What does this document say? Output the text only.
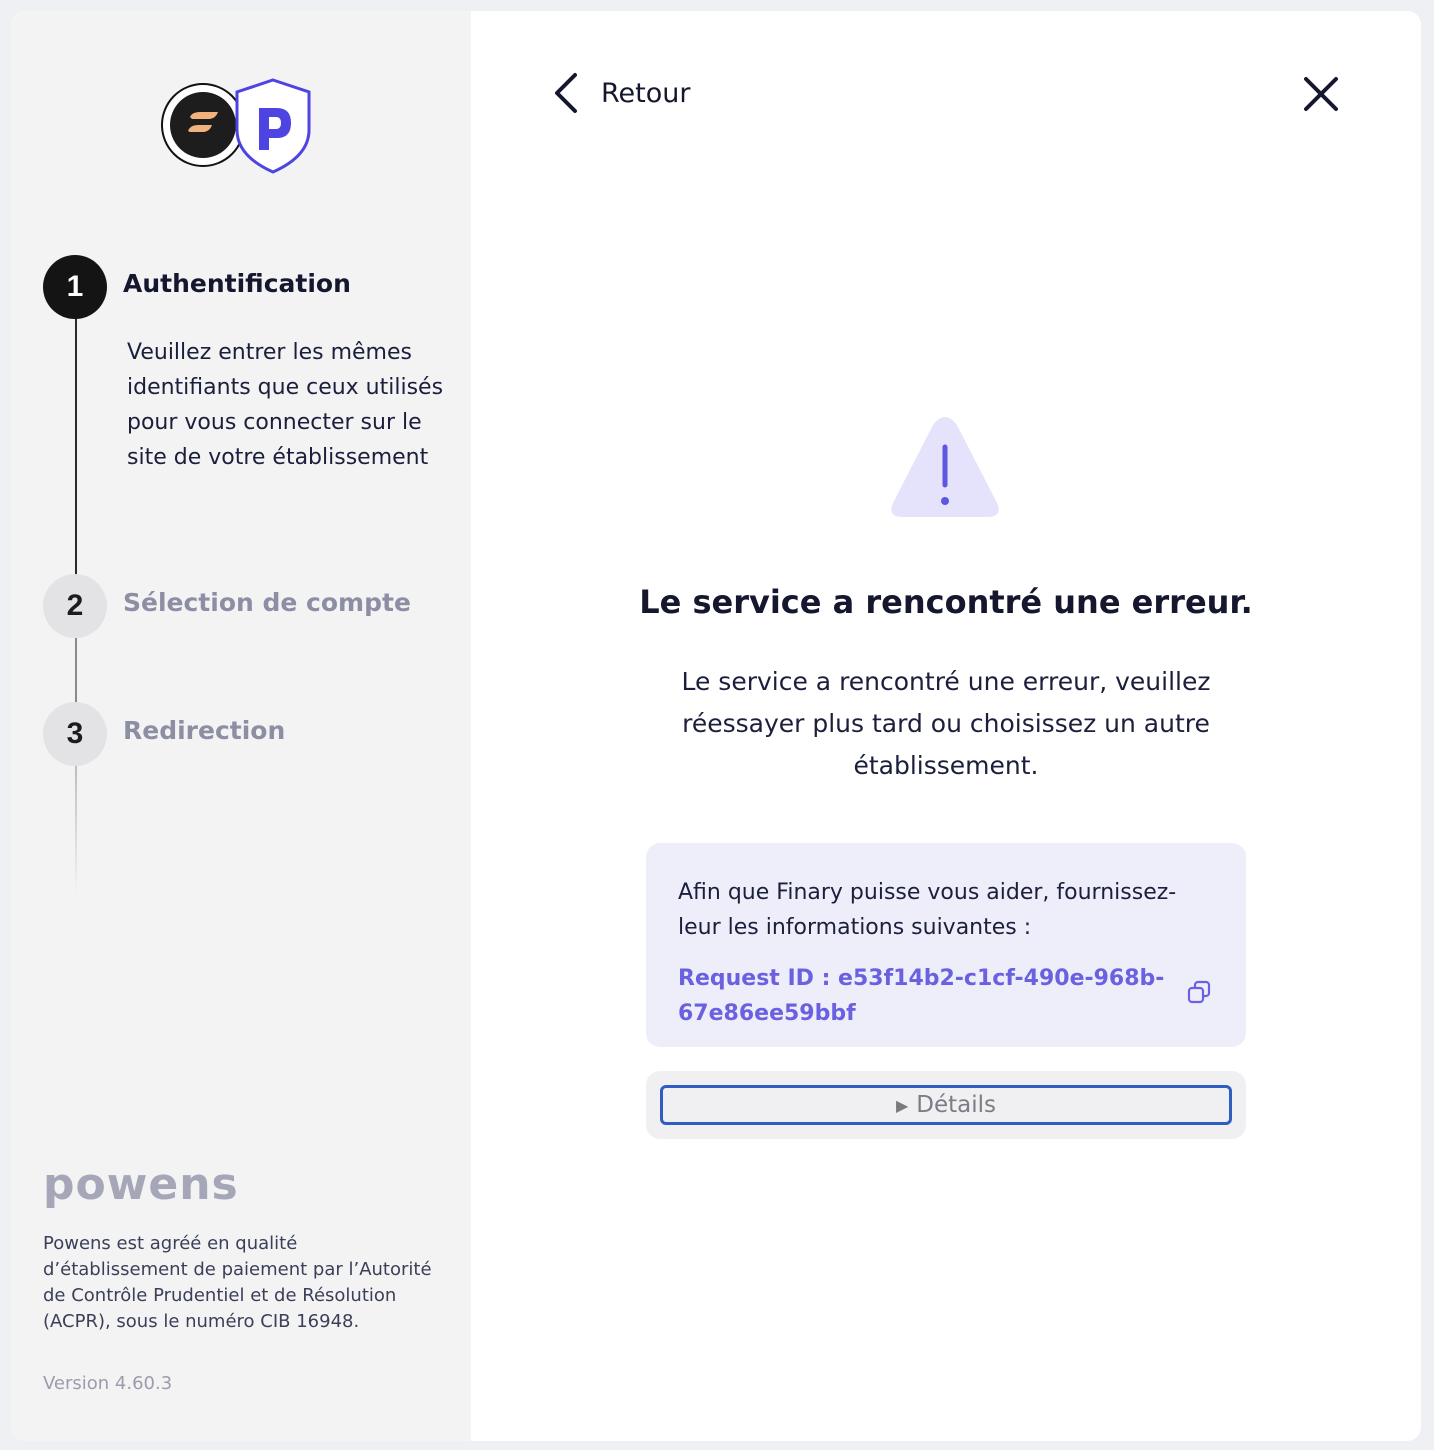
1	Authentification
Veuillez entrer les mêmes identifiants que ceux utilisés pour vous connecter sur le site de votre établissement
2	Sélection de compte
3	Redirection
powens
Powens est agréé en qualité d’établissement de paiement par l’Autorité de Contrôle Prudentiel et de Résolution (ACPR), sous le numéro CIB 16948.
Version 4.60.3
Retour
Le service a rencontré une erreur.

Le service a rencontré une erreur, veuillez réessayer plus tard ou choisissez un autre établissement.

Afin que Finary puisse vous aider, fournissez-leur les informations suivantes :
Request ID : e53f14b2-c1cf-490e-968b-67e86ee59bbf
▶ Détails
